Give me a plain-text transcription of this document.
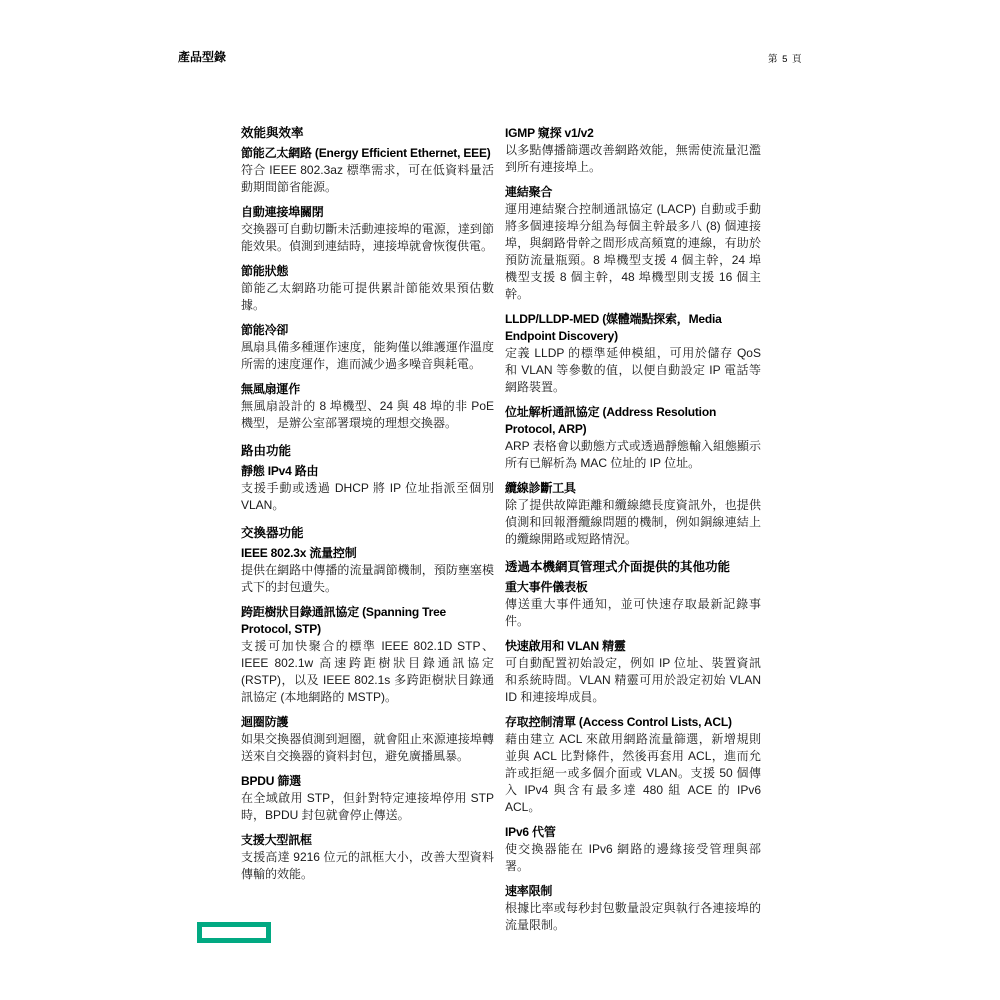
產品型錄	第 5 頁
效能與效率
節能乙太網路 (Energy Efficient Ethernet, EEE)
符合 IEEE 802.3az 標準需求，可在低資料量活動期間節省能源。
自動連接埠關閉
交換器可自動切斷未活動連接埠的電源，達到節能效果。偵測到連結時，連接埠就會恢復供電。
節能狀態
節能乙太網路功能可提供累計節能效果預估數據。
節能冷卻
風扇具備多種運作速度，能夠僅以維護運作溫度所需的速度運作，進而減少過多噪音與耗電。
無風扇運作
無風扇設計的 8 埠機型、24 與 48 埠的非 PoE 機型，是辦公室部署環境的理想交換器。
路由功能
靜態 IPv4 路由
支援手動或透過 DHCP 將 IP 位址指派至個別 VLAN。
交換器功能
IEEE 802.3x 流量控制
提供在網路中傳播的流量調節機制，預防壅塞模式下的封包遺失。
跨距樹狀目錄通訊協定 (Spanning Tree Protocol, STP)
支援可加快聚合的標準 IEEE 802.1D STP、IEEE 802.1w 高速跨距樹狀目錄通訊協定 (RSTP)，以及 IEEE 802.1s 多跨距樹狀目錄通訊協定 (本地網路的 MSTP)。
迴圈防護
如果交換器偵測到迴圈，就會阻止來源連接埠轉送來自交換器的資料封包，避免廣播風暴。
BPDU 篩選
在全域啟用 STP，但針對特定連接埠停用 STP 時，BPDU 封包就會停止傳送。
支援大型訊框
支援高達 9216 位元的訊框大小，改善大型資料傳輸的效能。
IGMP 窺探 v1/v2
以多點傳播篩選改善網路效能，無需使流量氾濫到所有連接埠上。
連結聚合
運用連結聚合控制通訊協定 (LACP) 自動或手動將多個連接埠分組為每個主幹最多八 (8) 個連接埠，與網路骨幹之間形成高頻寬的連線，有助於預防流量瓶頸。8 埠機型支援 4 個主幹，24 埠機型支援 8 個主幹，48 埠機型則支援 16 個主幹。
LLDP/LLDP-MED (媒體端點探索，Media Endpoint Discovery)
定義 LLDP 的標準延伸模組，可用於儲存 QoS 和 VLAN 等參數的值，以便自動設定 IP 電話等網路裝置。
位址解析通訊協定 (Address Resolution Protocol, ARP)
ARP 表格會以動態方式或透過靜態輸入組態顯示所有已解析為 MAC 位址的 IP 位址。
纜線診斷工具
除了提供故障距離和纜線總長度資訊外，也提供偵測和回報潛纜線問題的機制，例如銅線連結上的纜線開路或短路情況。
透過本機網頁管理式介面提供的其他功能
重大事件儀表板
傳送重大事件通知，並可快速存取最新記錄事件。
快速啟用和 VLAN 精靈
可自動配置初始設定，例如 IP 位址、裝置資訊和系統時間。VLAN 精靈可用於設定初始 VLAN ID 和連接埠成員。
存取控制清單 (Access Control Lists, ACL)
藉由建立 ACL 來啟用網路流量篩選，新增規則並與 ACL 比對條件，然後再套用 ACL，進而允許或拒絕一或多個介面或 VLAN。支援 50 個傳入 IPv4 與含有最多達 480 組 ACE 的 IPv6 ACL。
IPv6 代管
使交換器能在 IPv6 網路的邊緣接受管理與部署。
速率限制
根據比率或每秒封包數量設定與執行各連接埠的流量限制。
